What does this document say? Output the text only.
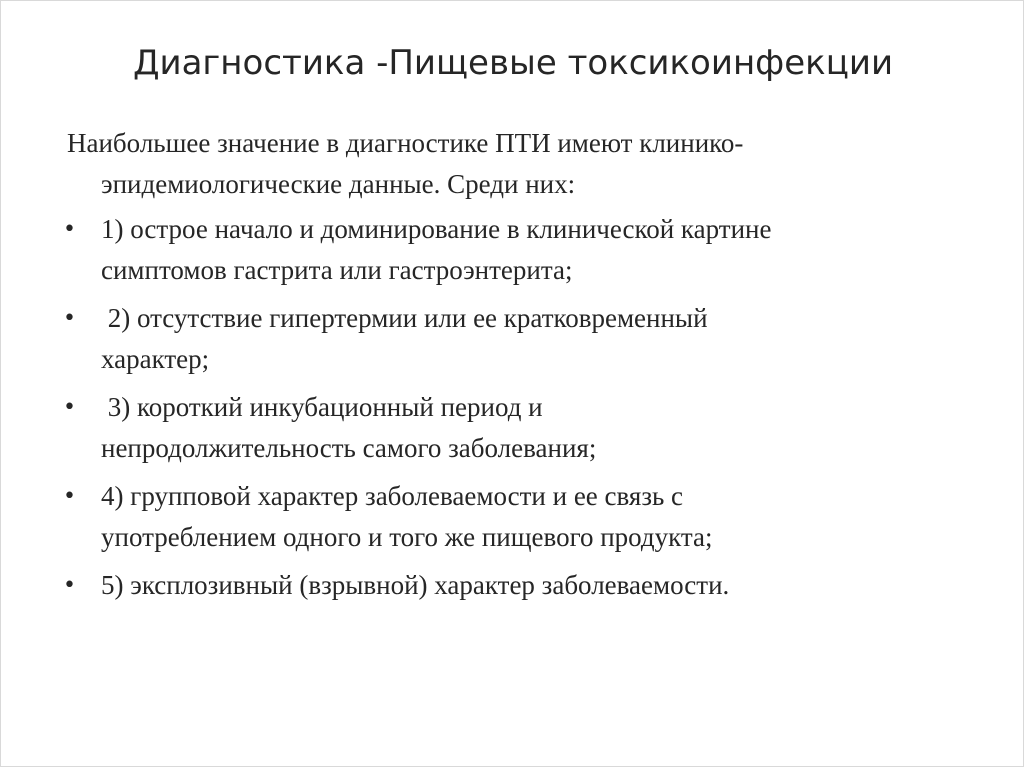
Диагностика -Пищевые токсикоинфекции

Наибольшее значение в диагностике ПТИ имеют клинико-
эпидемиологические данные. Среди них:

• 1) острое начало и доминирование в клинической картине
симптомов гастрита или гастроэнтерита;
• 2) отсутствие гипертермии или ее кратковременный
характер;
• 3) короткий инкубационный период и
непродолжительность самого заболевания;
• 4) групповой характер заболеваемости и ее связь с
употреблением одного и того же пищевого продукта;
• 5) эксплозивный (взрывной) характер заболеваемости.
